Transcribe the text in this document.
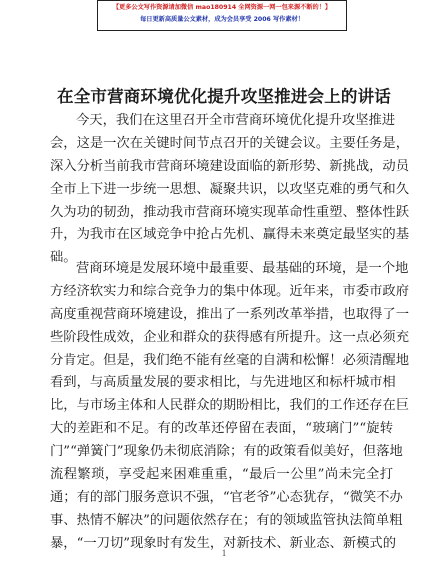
【更多公文写作资源请加微信 mao180914 全网资源一网一包来源不断的！】
每日更新高质量公文素材，成为会员享受 2006 写作素材！
在全市营商环境优化提升攻坚推进会上的讲话
今天，我们在这里召开全市营商环境优化提升攻坚推进
会，这是一次在关键时间节点召开的关键会议。主要任务是，
深入分析当前我市营商环境建设面临的新形势、新挑战，动员
全市上下进一步统一思想、凝聚共识，以攻坚克难的勇气和久
久为功的韧劲，推动我市营商环境实现革命性重塑、整体性跃
升，为我市在区域竞争中抢占先机、赢得未来奠定最坚实的基
础。
营商环境是发展环境中最重要、最基础的环境，是一个地
方经济软实力和综合竞争力的集中体现。近年来，市委市政府
高度重视营商环境建设，推出了一系列改革举措，也取得了一
些阶段性成效，企业和群众的获得感有所提升。这一点必须充
分肯定。但是，我们绝不能有丝毫的自满和松懈！必须清醒地
看到，与高质量发展的要求相比，与先进地区和标杆城市相
比，与市场主体和人民群众的期盼相比，我们的工作还存在巨
大的差距和不足。有的改革还停留在表面，“玻璃门”“旋转
门”“弹簧门”现象仍未彻底消除；有的政策看似美好，但落地
流程繁琐，享受起来困难重重，“最后一公里”尚未完全打
通；有的部门服务意识不强，“官老爷”心态犹存，“微笑不办
事、热情不解决”的问题依然存在；有的领域监管执法简单粗
暴，“一刀切”现象时有发生，对新技术、新业态、新模式的
1
